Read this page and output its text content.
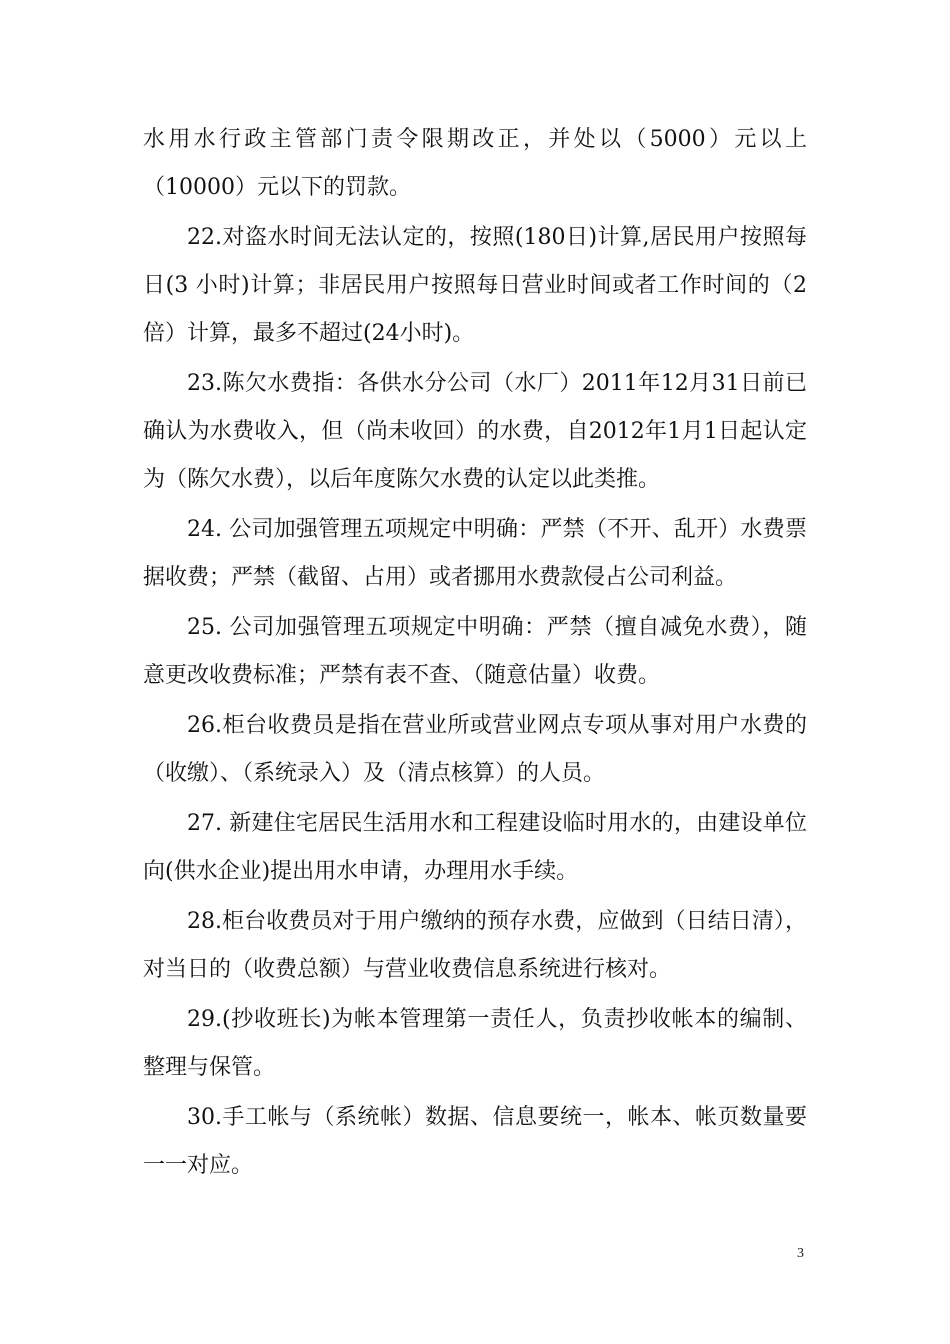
水用水行政主管部门责令限期改正，并处以（5000）元以上（10000）元以下的罚款。

22.对盗水时间无法认定的，按照(180日)计算,居民用户按照每日(3 小时)计算；非居民用户按照每日营业时间或者工作时间的（2倍）计算，最多不超过(24小时)。

23.陈欠水费指：各供水分公司（水厂）2011年12月31日前已确认为水费收入，但（尚未收回）的水费，自2012年1月1日起认定为（陈欠水费），以后年度陈欠水费的认定以此类推。

24. 公司加强管理五项规定中明确：严禁（不开、乱开）水费票据收费；严禁（截留、占用）或者挪用水费款侵占公司利益。

25. 公司加强管理五项规定中明确：严禁（擅自减免水费），随意更改收费标准；严禁有表不查、（随意估量）收费。

26.柜台收费员是指在营业所或营业网点专项从事对用户水费的（收缴）、（系统录入）及（清点核算）的人员。

27. 新建住宅居民生活用水和工程建设临时用水的，由建设单位向(供水企业)提出用水申请，办理用水手续。

28.柜台收费员对于用户缴纳的预存水费，应做到（日结日清），对当日的（收费总额）与营业收费信息系统进行核对。

29.(抄收班长)为帐本管理第一责任人，负责抄收帐本的编制、整理与保管。

30.手工帐与（系统帐）数据、信息要统一，帐本、帐页数量要一一对应。

3
